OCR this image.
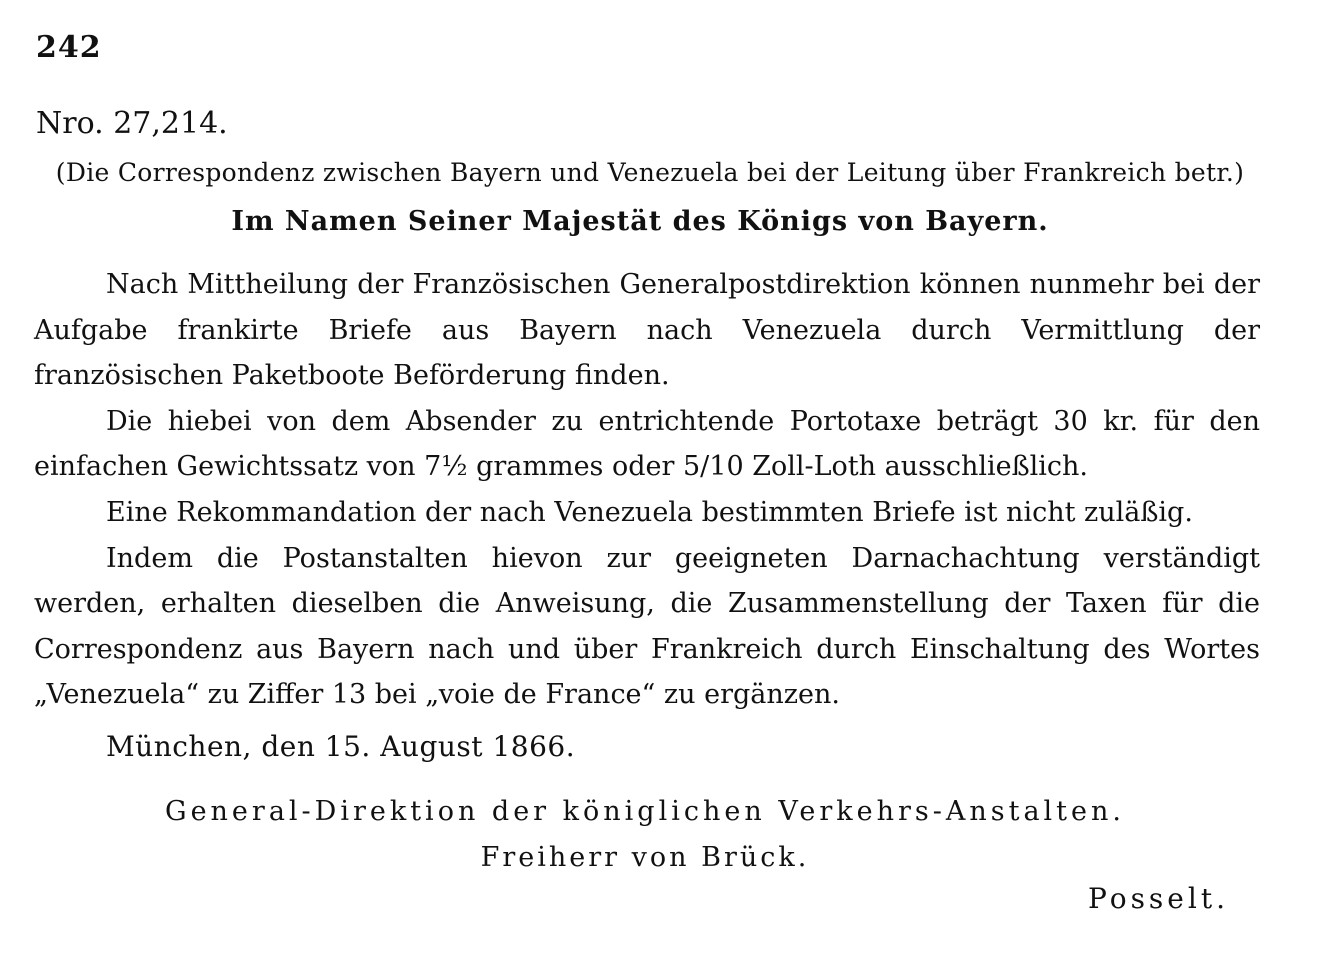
242
Nro. 27,214.
(Die Correspondenz zwischen Bayern und Venezuela bei der Leitung über Frankreich betr.)
Im Namen Seiner Majestät des Königs von Bayern.

Nach Mittheilung der Französischen Generalpostdirektion können nunmehr bei der Aufgabe frankirte Briefe aus Bayern nach Venezuela durch Vermittlung der französischen Paketboote Beförderung finden.

Die hiebei von dem Absender zu entrichtende Portotaxe beträgt 30 kr. für den einfachen Gewichtssatz von 7½ grammes oder 5/10 Zoll-Loth ausschließlich.

Eine Rekommandation der nach Venezuela bestimmten Briefe ist nicht zuläßig.

Indem die Postanstalten hievon zur geeigneten Darnachachtung verständigt werden, erhalten dieselben die Anweisung, die Zusammenstellung der Taxen für die Correspondenz aus Bayern nach und über Frankreich durch Einschaltung des Wortes „Venezuela“ zu Ziffer 13 bei „voie de France“ zu ergänzen.

München, den 15. August 1866.
General-Direktion der königlichen Verkehrs-Anstalten.
Freiherr von Brück.
Posselt.
